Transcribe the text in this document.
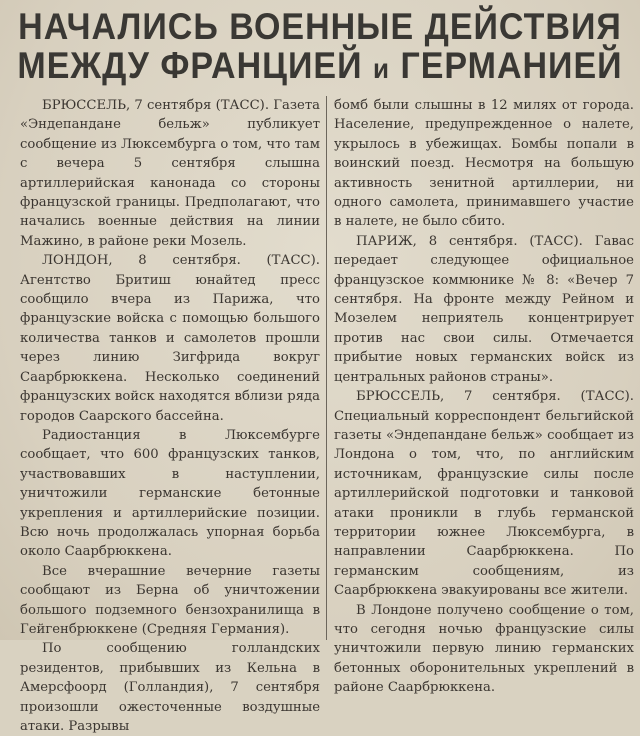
НАЧАЛИСЬ ВОЕННЫЕ ДЕЙСТВИЯ
МЕЖДУ ФРАНЦИЕЙ и ГЕРМАНИЕЙ

БРЮССЕЛЬ, 7 сентября (ТАСС). Газета «Эндепандане бельж» публикует сообщение из Люксембурга о том, что там с вечера 5 сентября слышна артиллерийская канонада со стороны французской границы. Предполагают, что начались военные действия на линии Мажино, в районе реки Мозель.

ЛОНДОН, 8 сентября. (ТАСС). Агентство Бритиш юнайтед пресс сообщило вчера из Парижа, что французские войска с помощью большого количества танков и самолетов прошли через линию Зигфрида вокруг Саарбрюккена. Несколько соединений французских войск находятся вблизи ряда городов Саарского бассейна.

Радиостанция в Люксембурге сообщает, что 600 французских танков, участвовавших в наступлении, уничтожили германские бетонные укрепления и артиллерийские позиции. Всю ночь продолжалась упорная борьба около Саарбрюккена.

Все вчерашние вечерние газеты сообщают из Берна об уничтожении большого подземного бензохранилища в Гейгенбрюккене (Средняя Германия).

По сообщению голландских резидентов, прибывших из Кельна в Амерсфоорд (Голландия), 7 сентября произошли ожесточенные воздушные атаки. Разрывы

бомб были слышны в 12 милях от города. Население, предупрежденное о налете, укрылось в убежищах. Бомбы попали в воинский поезд. Несмотря на большую активность зенитной артиллерии, ни одного самолета, принимавшего участие в налете, не было сбито.

ПАРИЖ, 8 сентября. (ТАСС). Гавас передает следующее официальное французское коммюнике № 8: «Вечер 7 сентября. На фронте между Рейном и Мозелем неприятель концентрирует против нас свои силы. Отмечается прибытие новых германских войск из центральных районов страны».

БРЮССЕЛЬ, 7 сентября. (ТАСС). Специальный корреспондент бельгийской газеты «Эндепандане бельж» сообщает из Лондона о том, что, по английским источникам, французские силы после артиллерийской подготовки и танковой атаки проникли в глубь германской территории южнее Люксембурга, в направлении Саарбрюккена. По германским сообщениям, из Саарбрюккена эвакуированы все жители.

В Лондоне получено сообщение о том, что сегодня ночью французские силы уничтожили первую линию германских бетонных оборонительных укреплений в районе Саарбрюккена.
